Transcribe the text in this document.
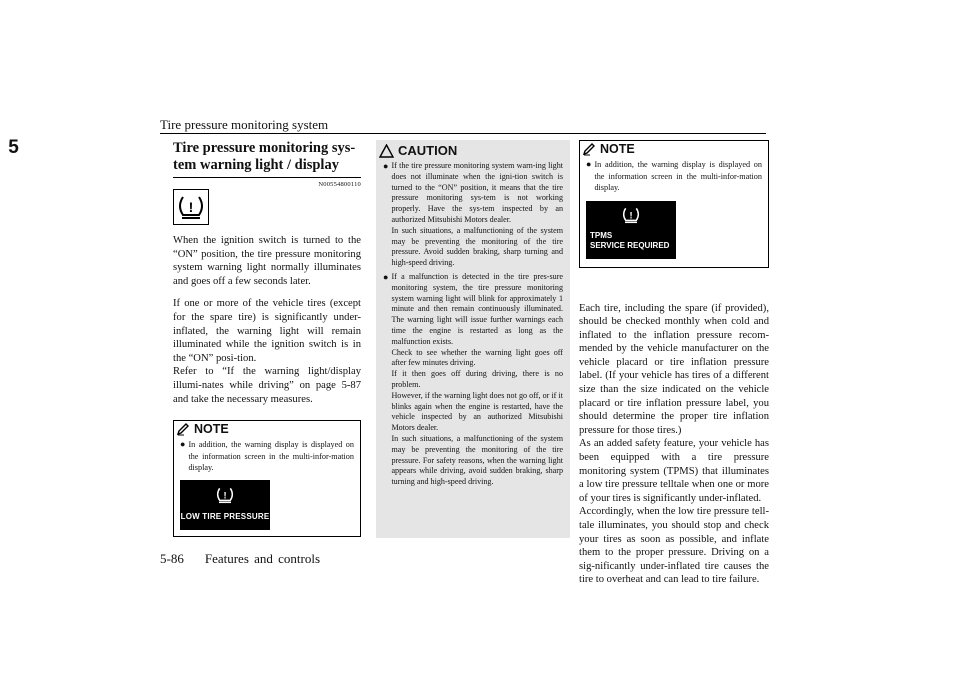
Tire pressure monitoring system
5	Tire pressure monitoring sys-tem warning light / display
N00554800110
!

When the ignition switch is turned to the “ON” position, the tire pressure monitoring system warning light normally illuminates and goes off a few seconds later.

If one or more of the vehicle tires (except for the spare tire) is significantly under-inflated, the warning light will remain illuminated while the ignition switch is in the “ON” posi-tion.

Refer to “If the warning light/display illumi-nates while driving” on page 5-87 and take the necessary measures.

NOTE
● In addition, the warning display is displayed on the information screen in the multi-infor-mation display.
!
LOW TIRE PRESSURE
CAUTION
● If the tire pressure monitoring system warn-ing light does not illuminate when the igni-tion switch is turned to the “ON” position, it means that the tire pressure monitoring sys-tem is not working properly. Have the sys-tem inspected by an authorized Mitsubishi Motors dealer.
In such situations, a malfunctioning of the system may be preventing the monitoring of the tire pressure. Avoid sudden braking, sharp turning and high-speed driving.
● If a malfunction is detected in the tire pres-sure monitoring system, the tire pressure monitoring system warning light will blink for approximately 1 minute and then remain continuously illuminated. The warning light will issue further warnings each time the engine is restarted as long as the malfunction exists.
Check to see whether the warning light goes off after few minutes driving.
If it then goes off during driving, there is no problem.
However, if the warning light does not go off, or if it blinks again when the engine is restarted, have the vehicle inspected by an authorized Mitsubishi Motors dealer.
In such situations, a malfunctioning of the system may be preventing the monitoring of the tire pressure. For safety reasons, when the warning light appears while driving, avoid sudden braking, sharp turning and high-speed driving.
NOTE
● In addition, the warning display is displayed on the information screen in the multi-infor-mation display.
!
TPMS
SERVICE REQUIRED

Each tire, including the spare (if provided), should be checked monthly when cold and inflated to the inflation pressure recom-mended by the vehicle manufacturer on the vehicle placard or tire inflation pressure label. (If your vehicle has tires of a different size than the size indicated on the vehicle placard or tire inflation pressure label, you should determine the proper tire inflation pressure for those tires.)

As an added safety feature, your vehicle has been equipped with a tire pressure monitoring system (TPMS) that illuminates a low tire pressure telltale when one or more of your tires is significantly under-inflated.

Accordingly, when the low tire pressure tell-tale illuminates, you should stop and check your tires as soon as possible, and inflate them to the proper pressure. Driving on a sig-nificantly under-inflated tire causes the tire to overheat and can lead to tire failure.

5-86 Features and controls
